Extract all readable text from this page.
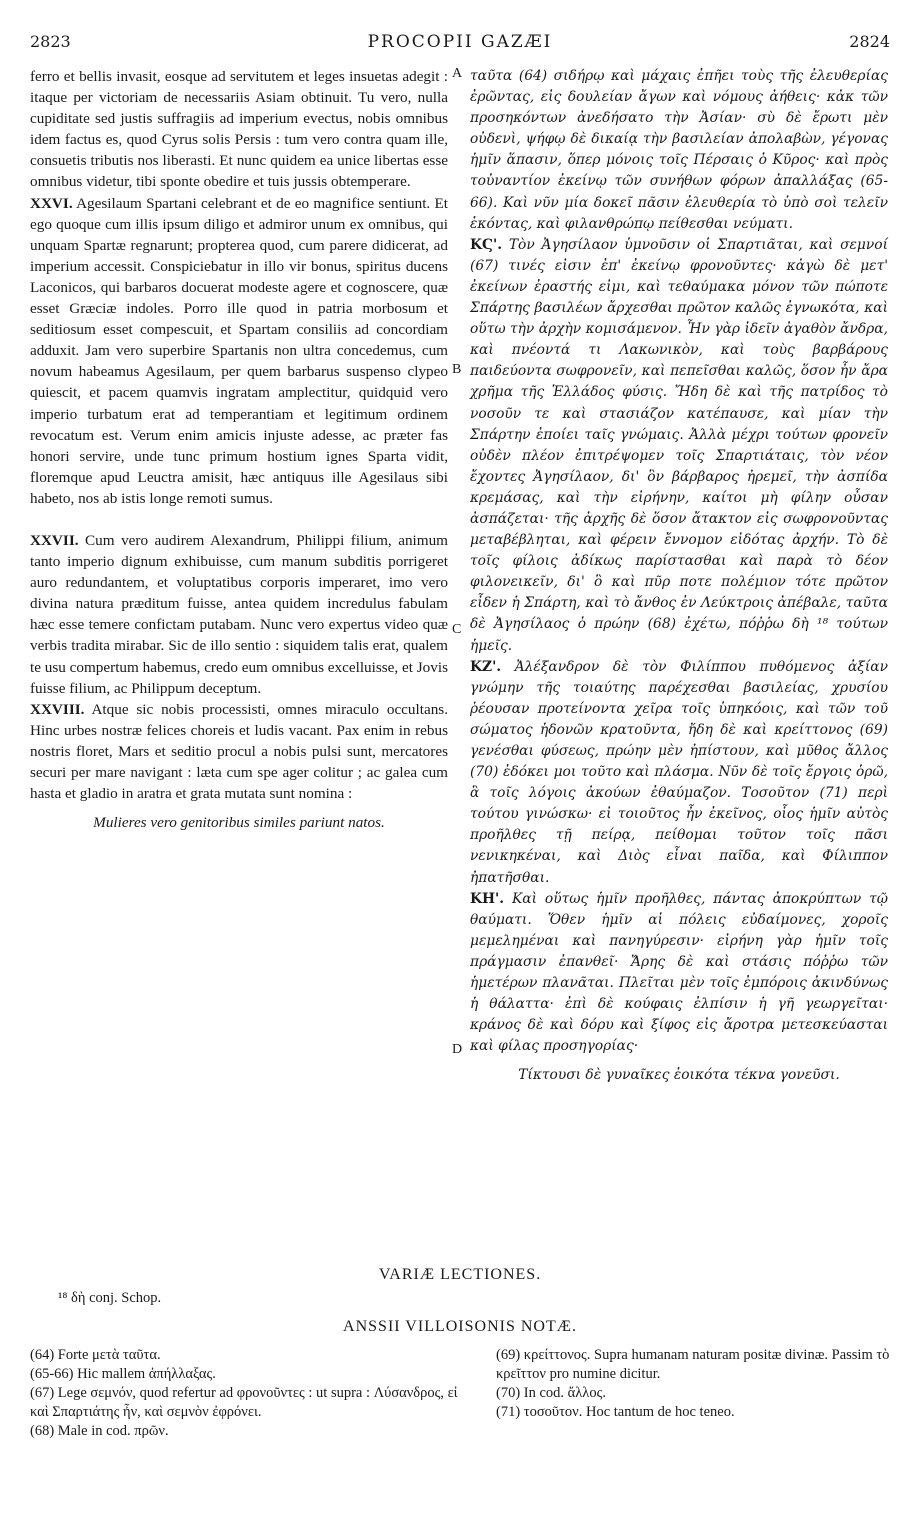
2823	PROCOPII GAZÆI	2824

ferro et bellis invasit, eosque ad servitutem et leges insuetas adegit : itaque per victoriam de necessariis Asiam obtinuit. Tu vero, nulla cupiditate sed justis suffragiis ad imperium evectus, nobis omnibus idem factus es, quod Cyrus solis Persis : tum vero contra quam ille, consuetis tributis nos liberasti. Et nunc quidem ea unice libertas esse omnibus videtur, tibi sponte obedire et tuis jussis obtemperare.

XXVI. Agesilaum Spartani celebrant et de eo magnifice sentiunt. Et ego quoque cum illis ipsum diligo et admiror unum ex omnibus, qui unquam Spartæ regnarunt; propterea quod, cum parere didicerat, ad imperium accessit. Conspiciebatur in illo vir bonus, spiritus ducens Laconicos, qui barbaros docuerat modeste agere et cognoscere, quæ esset Græciæ indoles. Porro ille quod in patria morbosum et seditiosum esset compescuit, et Spartam consiliis ad concordiam adduxit. Jam vero superbire Spartanis non ultra concedemus, cum novum habeamus Agesilaum, per quem barbarus suspenso clypeo quiescit, et pacem quamvis ingratam amplectitur, quidquid vero imperio turbatum erat ad temperantiam et legitimum ordinem revocatum est. Verum enim amicis injuste adesse, ac præter fas honori servire, unde tunc primum hostium ignes Sparta vidit, floremque apud Leuctra amisit, hæc antiquus ille Agesilaus sibi habeto, nos ab istis longe remoti sumus.

XXVII. Cum vero audirem Alexandrum, Philippi filium, animum tanto imperio dignum exhibuisse, cum manum subditis porrigeret auro redundantem, et voluptatibus corporis imperaret, imo vero divina natura præditum fuisse, antea quidem incredulus fabulam hæc esse temere confictam putabam. Nunc vero expertus video quæ verbis tradita mirabar. Sic de illo sentio : siquidem talis erat, qualem te usu compertum habemus, credo eum omnibus excelluisse, et Jovis fuisse filium, ac Philippum deceptum.

XXVIII. Atque sic nobis processisti, omnes miraculo occultans. Hinc urbes nostræ felices choreis et ludis vacant. Pax enim in rebus nostris floret, Mars et seditio procul a nobis pulsi sunt, mercatores securi per mare navigant : læta cum spe ager colitur ; ac galea cum hasta et gladio in aratra et grata mutata sunt nomina :

Mulieres vero genitoribus similes pariunt natos.

A
B
C
D

ταῦτα (64) σιδήρῳ καὶ μάχαις ἐπῆει τοὺς τῆς ἐλευθερίας ἐρῶντας, εἰς δουλείαν ἄγων καὶ νόμους ἀήθεις· κἀκ τῶν προσηκόντων ἀνεδήσατο τὴν Ἀσίαν· σὺ δὲ ἔρωτι μὲν οὐδενὶ, ψήφῳ δὲ δικαίᾳ τὴν βασιλείαν ἀπολαβὼν, γέγονας ἡμῖν ἅπασιν, ὅπερ μόνοις τοῖς Πέρσαις ὁ Κῦρος· καὶ πρὸς τοὐναντίον ἐκείνῳ τῶν συνήθων φόρων ἀπαλλάξας (65-66). Καὶ νῦν μία δοκεῖ πᾶσιν ἐλευθερία τὸ ὑπὸ σοὶ τελεῖν ἑκόντας, καὶ φιλανθρώπῳ πείθεσθαι νεύματι.

ΚϚ'. Τὸν Ἀγησίλαον ὑμνοῦσιν οἱ Σπαρτιᾶται, καὶ σεμνοί (67) τινές εἰσιν ἐπ' ἐκείνῳ φρονοῦντες· κἀγὼ δὲ μετ' ἐκείνων ἐραστής εἰμι, καὶ τεθαύμακα μόνον τῶν πώποτε Σπάρτης βασιλέων ἄρχεσθαι πρῶτον καλῶς ἐγνωκότα, καὶ οὕτω τὴν ἀρχὴν κομισάμενον. Ἦν γὰρ ἰδεῖν ἀγαθὸν ἄνδρα, καὶ πνέοντά τι Λακωνικὸν, καὶ τοὺς βαρβάρους παιδεύοντα σωφρονεῖν, καὶ πεπεῖσθαι καλῶς, ὅσον ἦν ἄρα χρῆμα τῆς Ἑλλάδος φύσις. Ἤδη δὲ καὶ τῆς πατρίδος τὸ νοσοῦν τε καὶ στασιάζον κατέπαυσε, καὶ μίαν τὴν Σπάρτην ἐποίει ταῖς γνώμαις. Ἀλλὰ μέχρι τούτων φρονεῖν οὐδὲν πλέον ἐπιτρέψομεν τοῖς Σπαρτιάταις, τὸν νέον ἔχοντες Ἀγησίλαον, δι' ὃν βάρβαρος ἠρεμεῖ, τὴν ἀσπίδα κρεμάσας, καὶ τὴν εἰρήνην, καίτοι μὴ φίλην οὖσαν ἀσπάζεται· τῆς ἀρχῆς δὲ ὅσον ἄτακτον εἰς σωφρονοῦντας μεταβέβληται, καὶ φέρειν ἔννομον εἰδότας ἀρχήν. Τὸ δὲ τοῖς φίλοις ἀδίκως παρίστασθαι καὶ παρὰ τὸ δέον φιλονεικεῖν, δι' ὃ καὶ πῦρ ποτε πολέμιον τότε πρῶτον εἶδεν ἡ Σπάρτη, καὶ τὸ ἄνθος ἐν Λεύκτροις ἀπέβαλε, ταῦτα δὲ Ἀγησίλαος ὁ πρώην (68) ἐχέτω, πόῤῥω δὴ ¹⁸ τούτων ἡμεῖς.

ΚΖ'. Ἀλέξανδρον δὲ τὸν Φιλίππου πυθόμενος ἀξίαν γνώμην τῆς τοιαύτης παρέχεσθαι βασιλείας, χρυσίου ῥέουσαν προτείνοντα χεῖρα τοῖς ὑπηκόοις, καὶ τῶν τοῦ σώματος ἡδονῶν κρατοῦντα, ἤδη δὲ καὶ κρείττονος (69) γενέσθαι φύσεως, πρώην μὲν ἠπίστουν, καὶ μῦθος ἄλλος (70) ἐδόκει μοι τοῦτο καὶ πλάσμα. Νῦν δὲ τοῖς ἔργοις ὁρῶ, ἃ τοῖς λόγοις ἀκούων ἐθαύμαζον. Τοσοῦτον (71) περὶ τούτου γινώσκω· εἰ τοιοῦτος ἦν ἐκεῖνος, οἷος ἡμῖν αὐτὸς προῆλθες τῇ πείρᾳ, πείθομαι τοῦτον τοῖς πᾶσι νενικηκέναι, καὶ Διὸς εἶναι παῖδα, καὶ Φίλιππον ἠπατῆσθαι.

ΚΗ'. Καὶ οὕτως ἡμῖν προῆλθες, πάντας ἀποκρύπτων τῷ θαύματι. Ὅθεν ἡμῖν αἱ πόλεις εὐδαίμονες, χοροῖς μεμελημέναι καὶ πανηγύρεσιν· εἰρήνη γὰρ ἡμῖν τοῖς πράγμασιν ἐπανθεῖ· Ἄρης δὲ καὶ στάσις πόῤῥω τῶν ἡμετέρων πλανᾶται. Πλεῖται μὲν τοῖς ἐμπόροις ἀκινδύνως ἡ θάλαττα· ἐπὶ δὲ κούφαις ἐλπίσιν ἡ γῆ γεωργεῖται· κράνος δὲ καὶ δόρυ καὶ ξίφος εἰς ἄροτρα μετεσκεύασται καὶ φίλας προσηγορίας·

Τίκτουσι δὲ γυναῖκες ἐοικότα τέκνα γονεῦσι.

VARIÆ LECTIONES.
¹⁸ δὴ conj. Schop.
ANSSII VILLOISONIS NOTÆ.

(64) Forte μετὰ ταῦτα.

(65-66) Hic mallem ἀπήλλαξας.

(67) Lege σεμνόν, quod refertur ad φρονοῦντες : ut supra : Λύσανδρος, εἰ καὶ Σπαρτιάτης ἦν, καὶ σεμνὸν ἐφρόνει.

(68) Male in cod. πρῶν.

(69) κρείττονος. Supra humanam naturam positæ divinæ. Passim τὸ κρεῖττον pro numine dicitur.

(70) In cod. ἄλλος.

(71) τοσοῦτον. Hoc tantum de hoc teneo.
